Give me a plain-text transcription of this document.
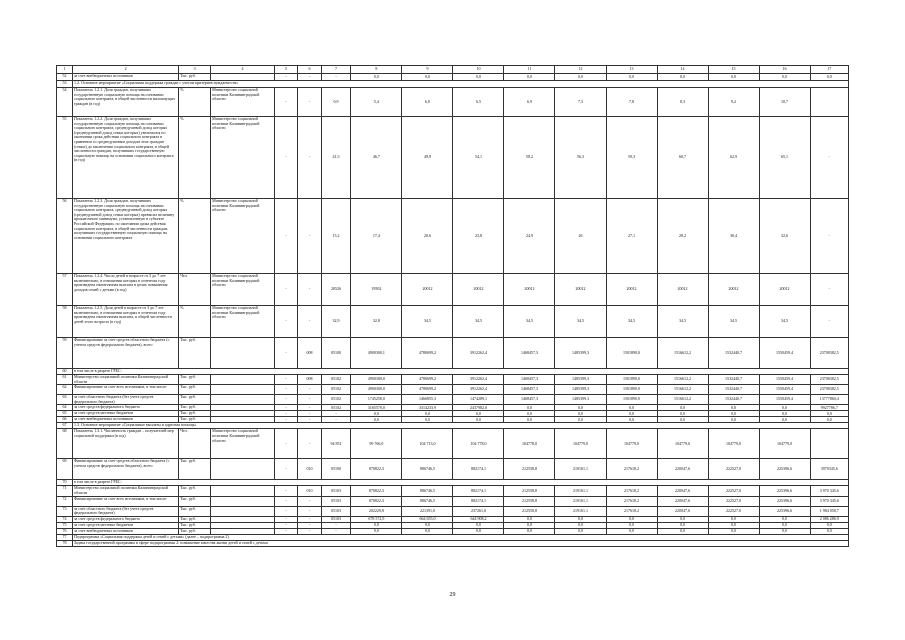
1	2	3	4	5	6	7	8	9	10	11	12	13	14	15	16	17
52	за счет внебюджетных источников	Тыс. руб.		-	-	-	0,0	0,0	0,0	0,0	0,0	0,0	0,0	0,0	0,0	0,0
53	1.2. Основное мероприятие «Социальная поддержка граждан с учетом критериев нуждаемости»															
54	Показатель 1.2.1. Доля граждан, получивших государственную социальную помощь на основании социального контракта, в общей численности малоимущих граждан (в год)	%	Министерство социальной политики Калининградской области	-	-	0,9	5,4	6,0	6,5	6,9	7,3	7,8	8,3	9,2	10,7	
55	Показатель 1.2.2. Доля граждан, получивших государственную социальную помощь на основании социального контракта, среднедушевой доход которых (среднедушевой доход семьи которых) увеличился по окончании срока действия социального контракта в сравнении со среднедушевым доходом этих граждан (семьи) до заключения социального контракта, в общей численности граждан, получивших государственную социальную помощь на основании социального контракта (в год)	%	Министерство социальной политики Калининградской области	-	-	41,5	46,7	49,9	54,1	58,2	56,3	59,3	60,7	62,9	65,1	-
56	Показатель 1.2.3. Доля граждан, получивших государственную социальную помощь на основании социального контракта, среднедушевой доход которых (среднедушевой доход семьи которых) превысил величину прожиточного минимума, установленную в субъекте Российской Федерации, по окончании срока действия социального контракта, в общей численности граждан, получивших государственную социальную помощь на основании социального контракта	%	Министерство социальной политики Калининградской области	-	-	15,2	17,4	20,6	23,8	24,9	26	27,1	28,2	30,4	32,6	-
57	Показатель 1.2.4. Число детей в возрасте от 3 до 7 лет включительно, в отношении которых в отчетном году произведена ежемесячная выплата в целях повышения доходов семей с детьми (в год)	Чел.	Министерство социальной политики Калининградской области	-	-	20526	19502	20012	20012	20012	20012	20012	20012	20012	20012	-
58	Показатель 1.2.5. Доля детей в возрасте от 3 до 7 лет включительно, в отношении которых в отчетном году произведена ежемесячная выплата, в общей численности детей этого возраста (в год)	%	Министерство социальной политики Калининградской области	-	-	32,9	32,8	34,5	34,5	34,5	34,5	34,5	34,5	34,5	34,5	-
59	Финансирование за счет средств областного бюджета (с учетом средств федерального бюджета), всего	Тыс. руб.		-	008	05100	4900300,1	4780699,2	3912262,4	1468457,3	1485399,3	1501890,0	1516612,2	1532440,7	1550459,4	23708382,5
60	в том числе в разрезе ГРБС:															
61	Министерство социальной политики Калининградской области	Тыс. руб.		-	008	05102	4900300,0	4780699,2	3912262,4	1468457,3	1485399,3	1501890,0	1516612,2	1532440,7	1550459,4	23708382,5
62	Финансирование за счет всех источников, в том числе:	Тыс. руб.		-	-	05102	4900300,0	4780699,2	3912262,4	1468457,3	1485399,3	1501890,0	1516612,2	1532440,7	1550459,4	23708382,5
63	за счет областного бюджета (без учета средств федерального бюджета)	Тыс. руб.		-	-	05102	1745258,0	1466855,3	1474289,1	1468457,3	1485399,3	1501890,0	1516612,2	1532440,7	1550459,4	13777860,4
64	за счет средств федерального бюджета	Тыс. руб.		-	-	05102	3165570,0	3314233,9	2437982,0	0,0	0,0	0,0	0,0	0,0	0,0	9927786,7
65	за счет средств местных бюджетов	Тыс. руб.		-	-	-	0,0	0,0	0,0	0,0	0,0	0,0	0,0	0,0	0,0	0,0
66	за счет внебюджетных источников	Тыс. руб.		-	-	-	0,0	0,0	0,0	0,0	0,0	0,0	0,0	0,0	0,0	0,0
67	1.3. Основное мероприятие «Социальные выплаты и адресная помощь»															
68	Показатель 1.3.1. Численность граждан – получателей мер социальной поддержки (в год)	Чел.	Министерство социальной политики Калининградской области	-	-	94 851	99 766,0	104 713,0	104 778,0	104778,0	104779,0	104779,0	104779,0	104779,0	104779,0	
69	Финансирование за счет средств областного бюджета (с учетом средств федерального бюджета), всего	Тыс. руб.		-	010	05100	870822,3	886746,5	882174,1	212558,8	219161,1	217618,2	220047,6	222527,0	225396,6	3970345,6
70	в том числе в разрезе ГРБС:															
71	Министерство социальной политики Калининградской области	Тыс. руб.		-	010	05103	870822,3	886746,5	882174,1	212558,8	219161,1	217618,2	220047,6	222527,0	225396,6	3 970 345,6
72	Финансирование за счет всех источников, в том числе:	Тыс. руб.		-	-	05103	870822,3	886746,5	882174,1	212558,8	219161,1	217618,2	220047,6	222527,0	225396,6	3 970 345,6
73	за счет областного бюджета (без учета средств федерального бюджета)	Тыс. руб.		-	-	05103	202229,8	221391,0	237261,0	212558,8	219161,1	217618,2	220047,6	222527,0	225396,6	1 984 058,7
74	за счет средств федерального бюджета	Тыс. руб.		-	-	05103	678 572,9	664 655,0	644 908,2	0,0	0,0	0,0	0,0	0,0	0,0	2 086 286,9
75	за счет средств местных бюджетов	Тыс. руб.		-	-	-	0,0	0,0	0,0	0,0	0,0	0,0	0,0	0,0	0,0	0,0
76	за счет внебюджетных источников	Тыс. руб.		-	-	-	0,0	0,0	0,0	0,0	0,0	0,0	0,0	0,0	0,0	0,0
77	Подпрограмма «Социальная поддержка детей и семей с детьми» (далее – подпрограмма 2)															
78	Задача государственной программы в сфере подпрограммы 2: повышение качества жизни детей и семей с детьми															
29
